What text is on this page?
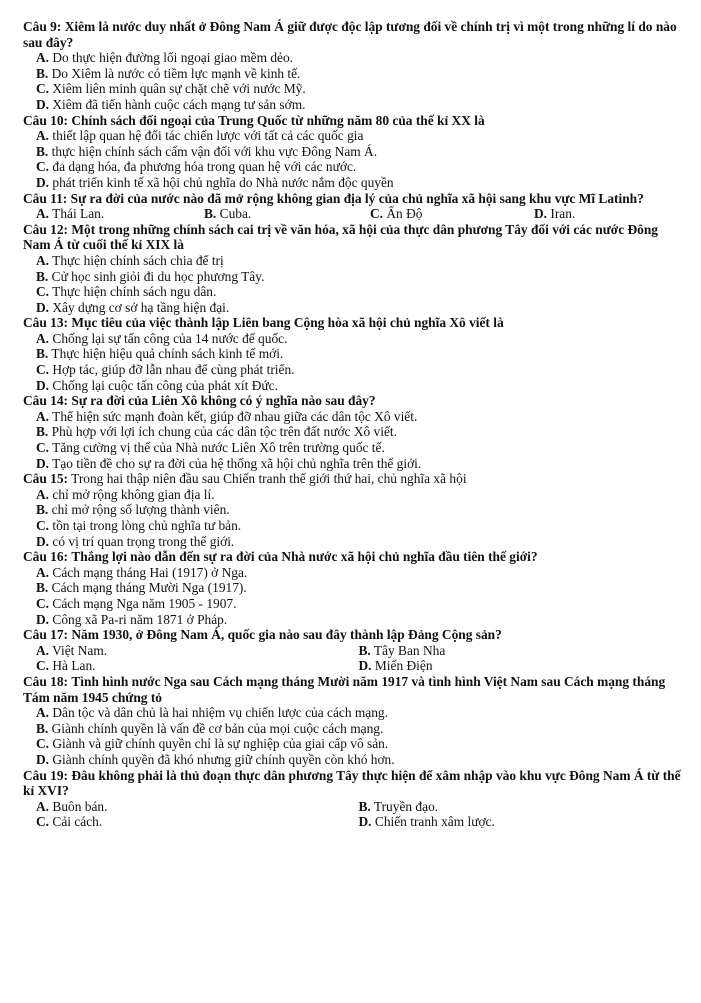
Câu 9: Xiêm là nước duy nhất ở Đông Nam Á giữ được độc lập tương đối về chính trị vì một trong những lí do nào sau đây?

A. Do thực hiện đường lối ngoại giao mềm dẻo.

B. Do Xiêm là nước có tiềm lực mạnh về kinh tế.

C. Xiêm liên minh quân sự chặt chẽ với nước Mỹ.

D. Xiêm đã tiến hành cuộc cách mạng tư sản sớm.

Câu 10: Chính sách đối ngoại của Trung Quốc từ những năm 80 của thế kỉ XX là

A. thiết lập quan hệ đối tác chiến lược với tất cả các quốc gia

B. thực hiện chính sách cấm vận đối với khu vực Đông Nam Á.

C. đa dạng hóa, đa phương hóa trong quan hệ với các nước.

D. phát triển kinh tế xã hội chủ nghĩa do Nhà nước nắm độc quyền

Câu 11: Sự ra đời của nước nào đã mở rộng không gian địa lý của chủ nghĩa xã hội sang khu vực Mĩ Latinh?

A. Thái Lan.	B. Cuba.	C. Ấn Độ	D. Iran.

Câu 12: Một trong những chính sách cai trị về văn hóa, xã hội của thực dân phương Tây đối với các nước Đông Nam Á từ cuối thế kỉ XIX là

A. Thực hiện chính sách chia để trị

B. Cử học sinh giỏi đi du học phương Tây.

C. Thực hiện chính sách ngu dân.

D. Xây dựng cơ sở hạ tầng hiện đại.

Câu 13: Mục tiêu của việc thành lập Liên bang Cộng hòa xã hội chủ nghĩa Xô viết là

A. Chống lại sự tấn công của 14 nước đế quốc.

B. Thực hiện hiệu quả chính sách kinh tế mới.

C. Hợp tác, giúp đỡ lẫn nhau để cùng phát triển.

D. Chống lại cuộc tấn công của phát xít Đức.

Câu 14: Sự ra đời của Liên Xô không có ý nghĩa nào sau đây?

A. Thể hiện sức mạnh đoàn kết, giúp đỡ nhau giữa các dân tộc Xô viết.

B. Phù hợp với lợi ích chung của các dân tộc trên đất nước Xô viết.

C. Tăng cường vị thế của Nhà nước Liên Xô trên trường quốc tế.

D. Tạo tiền đề cho sự ra đời của hệ thống xã hội chủ nghĩa trên thế giới.

Câu 15: Trong hai thập niên đầu sau Chiến tranh thế giới thứ hai, chủ nghĩa xã hội

A. chỉ mở rộng không gian địa lí.

B. chỉ mở rộng số lượng thành viên.

C. tồn tại trong lòng chủ nghĩa tư bản.

D. có vị trí quan trọng trong thế giới.

Câu 16: Thắng lợi nào dẫn đến sự ra đời của Nhà nước xã hội chủ nghĩa đầu tiên thế giới?

A. Cách mạng tháng Hai (1917) ở Nga.

B. Cách mạng tháng Mười Nga (1917).

C. Cách mạng Nga năm 1905 - 1907.

D. Công xã Pa-ri năm 1871 ở Pháp.

Câu 17: Năm 1930, ở Đông Nam Á, quốc gia nào sau đây thành lập Đảng Cộng sản?

A. Việt Nam.	B. Tây Ban Nha
C. Hà Lan.	D. Miến Điện

Câu 18: Tình hình nước Nga sau Cách mạng tháng Mười năm 1917 và tình hình Việt Nam sau Cách mạng tháng Tám năm 1945 chứng tỏ

A. Dân tộc và dân chủ là hai nhiệm vụ chiến lược của cách mạng.

B. Giành chính quyền là vấn đề cơ bản của mọi cuộc cách mạng.

C. Giành và giữ chính quyền chỉ là sự nghiệp của giai cấp vô sản.

D. Giành chính quyền đã khó nhưng giữ chính quyền còn khó hơn.

Câu 19: Đâu không phải là thủ đoạn thực dân phương Tây thực hiện để xâm nhập vào khu vực Đông Nam Á từ thế kỉ XVI?

A. Buôn bán.	B. Truyền đạo.
C. Cải cách.	D. Chiến tranh xâm lược.
